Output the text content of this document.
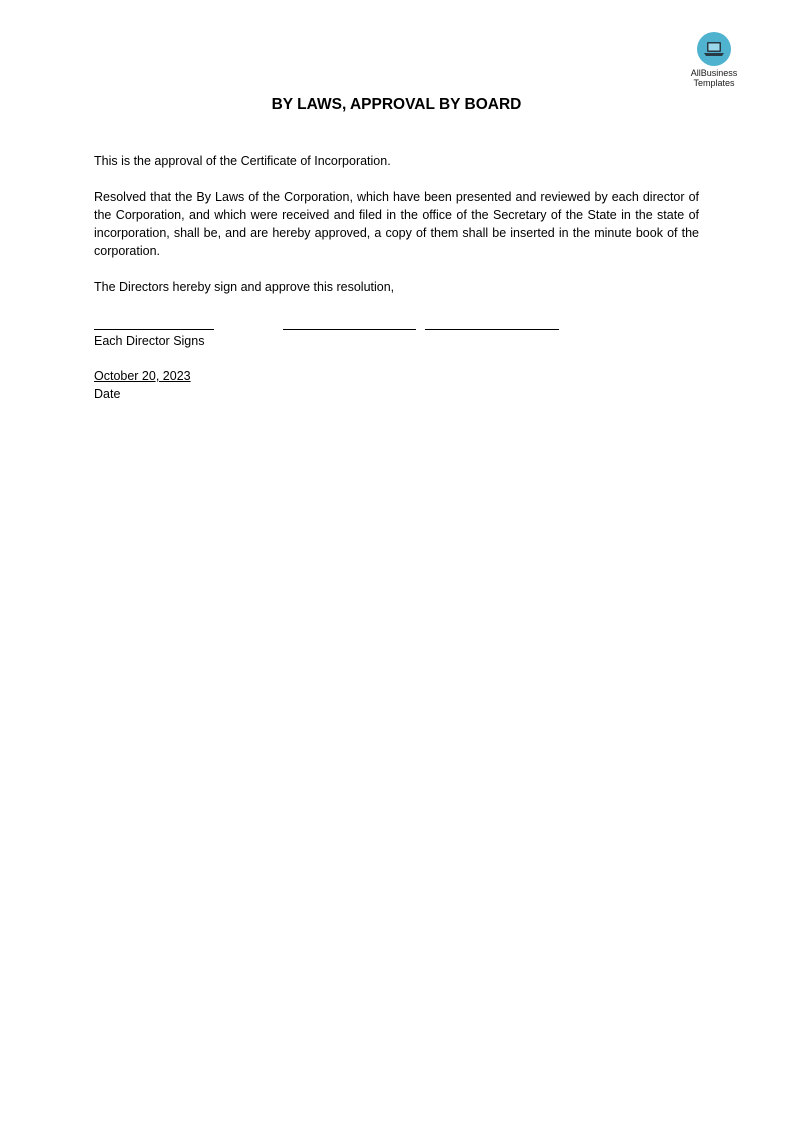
AllBusiness
Templates
BY LAWS, APPROVAL BY BOARD
This is the approval of the Certificate of Incorporation.
Resolved that the By Laws of the Corporation, which have been presented and reviewed by each director of the Corporation, and which were received and filed in the office of the Secretary of the State in the state of incorporation, shall be, and are hereby approved, a copy of them shall be inserted in the minute book of the corporation.
The Directors hereby sign and approve this resolution,
Each Director Signs
October 20, 2023
Date
